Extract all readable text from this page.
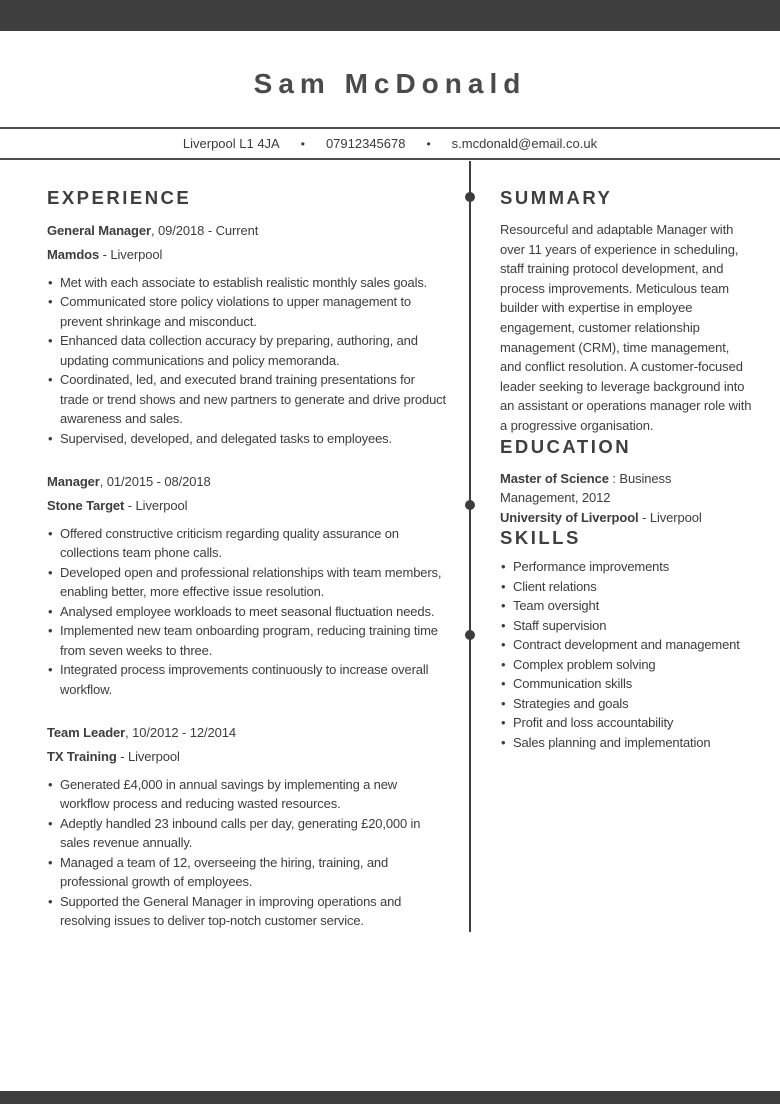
Sam McDonald
Liverpool L1 4JA • 07912345678 • s.mcdonald@email.co.uk
EXPERIENCE
General Manager, 09/2018 - Current
Mamdos - Liverpool
• Met with each associate to establish realistic monthly sales goals.
• Communicated store policy violations to upper management to prevent shrinkage and misconduct.
• Enhanced data collection accuracy by preparing, authoring, and updating communications and policy memoranda.
• Coordinated, led, and executed brand training presentations for trade or trend shows and new partners to generate and drive product awareness and sales.
• Supervised, developed, and delegated tasks to employees.
Manager, 01/2015 - 08/2018
Stone Target - Liverpool
• Offered constructive criticism regarding quality assurance on collections team phone calls.
• Developed open and professional relationships with team members, enabling better, more effective issue resolution.
• Analysed employee workloads to meet seasonal fluctuation needs.
• Implemented new team onboarding program, reducing training time from seven weeks to three.
• Integrated process improvements continuously to increase overall workflow.
Team Leader, 10/2012 - 12/2014
TX Training - Liverpool
• Generated £4,000 in annual savings by implementing a new workflow process and reducing wasted resources.
• Adeptly handled 23 inbound calls per day, generating £20,000 in sales revenue annually.
• Managed a team of 12, overseeing the hiring, training, and professional growth of employees.
• Supported the General Manager in improving operations and resolving issues to deliver top-notch customer service.
SUMMARY

Resourceful and adaptable Manager with over 11 years of experience in scheduling, staff training protocol development, and process improvements. Meticulous team builder with expertise in employee engagement, customer relationship management (CRM), time management, and conflict resolution. A customer-focused leader seeking to leverage background into an assistant or operations manager role with a progressive organisation.

EDUCATION
Master of Science : Business Management, 2012
University of Liverpool - Liverpool
SKILLS
• Performance improvements
• Client relations
• Team oversight
• Staff supervision
• Contract development and management
• Complex problem solving
• Communication skills
• Strategies and goals
• Profit and loss accountability
• Sales planning and implementation
